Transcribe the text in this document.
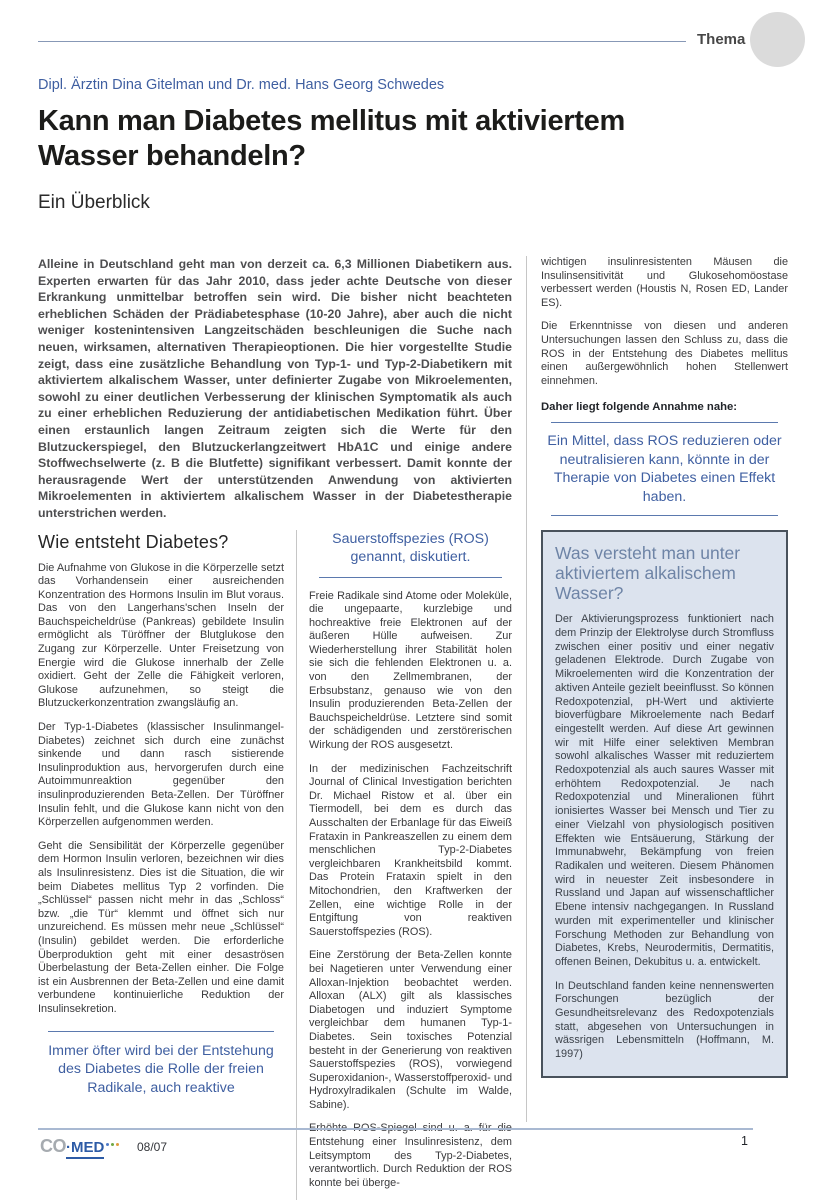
Thema
Dipl. Ärztin Dina Gitelman und Dr. med. Hans Georg Schwedes
Kann man Diabetes mellitus mit aktiviertem Wasser behandeln?
Ein Überblick

Alleine in Deutschland geht man von derzeit ca. 6,3 Millionen Diabetikern aus. Experten erwarten für das Jahr 2010, dass jeder achte Deutsche von dieser Erkrankung unmittelbar betroffen sein wird. Die bisher nicht beachteten erheblichen Schäden der Prädiabetesphase (10-20 Jahre), aber auch die nicht weniger kostenintensiven Langzeitschäden beschleunigen die Suche nach neuen, wirksamen, alternativen Therapieoptionen. Die hier vorgestellte Studie zeigt, dass eine zusätzliche Behandlung von Typ-1- und Typ-2-Diabetikern mit aktiviertem alkalischem Wasser, unter definierter Zugabe von Mikroelementen, sowohl zu einer deutlichen Verbesserung der klinischen Symptomatik als auch zu einer erheblichen Reduzierung der antidiabetischen Medikation führt. Über einen erstaunlich langen Zeitraum zeigten sich die Werte für den Blutzuckerspiegel, den Blutzuckerlangzeitwert HbA1C und einige andere Stoffwechselwerte (z. B die Blutfette) signifikant verbessert. Damit konnte der herausragende Wert der unterstützenden Anwendung von aktivierten Mikroelementen in aktiviertem alkalischem Wasser in der Diabetestherapie unterstrichen werden.

Wie entsteht Diabetes?

Die Aufnahme von Glukose in die Körperzelle setzt das Vorhandensein einer ausreichenden Konzentration des Hormons Insulin im Blut voraus. Das von den Langerhans'schen Inseln der Bauchspeicheldrüse (Pankreas) gebildete Insulin ermöglicht als Türöffner der Blutglukose den Zugang zur Körperzelle. Unter Freisetzung von Energie wird die Glukose innerhalb der Zelle oxidiert. Geht der Zelle die Fähigkeit verloren, Glukose aufzunehmen, so steigt die Blutzuckerkonzentration zwangsläufig an.

Der Typ-1-Diabetes (klassischer Insulinmangel-Diabetes) zeichnet sich durch eine zunächst sinkende und dann rasch sistierende Insulinproduktion aus, hervorgerufen durch eine Autoimmunreaktion gegenüber den insulinproduzierenden Beta-Zellen. Der Türöffner Insulin fehlt, und die Glukose kann nicht von den Körperzellen aufgenommen werden.

Geht die Sensibilität der Körperzelle gegenüber dem Hormon Insulin verloren, bezeichnen wir dies als Insulinresistenz. Dies ist die Situation, die wir beim Diabetes mellitus Typ 2 vorfinden. Die „Schlüssel“ passen nicht mehr in das „Schloss“ bzw. „die Tür“ klemmt und öffnet sich nur unzureichend. Es müssen mehr neue „Schlüssel“ (Insulin) gebildet werden. Die erforderliche Überproduktion geht mit einer desaströsen Überbelastung der Beta-Zellen einher. Die Folge ist ein Ausbrennen der Beta-Zellen und eine damit verbundene kontinuierliche Reduktion der Insulinsekretion.

Immer öfter wird bei der Entstehung des Diabetes die Rolle der freien Radikale, auch reaktive
Sauerstoffspezies (ROS) genannt, diskutiert.

Freie Radikale sind Atome oder Moleküle, die ungepaarte, kurzlebige und hochreaktive freie Elektronen auf der äußeren Hülle aufweisen. Zur Wiederherstellung ihrer Stabilität holen sie sich die fehlenden Elektronen u. a. von den Zellmembranen, der Erbsubstanz, genauso wie von den Insulin produzierenden Beta-Zellen der Bauchspeicheldrüse. Letztere sind somit der schädigenden und zerstörerischen Wirkung der ROS ausgesetzt.

In der medizinischen Fachzeitschrift Journal of Clinical Investigation berichten Dr. Michael Ristow et al. über ein Tiermodell, bei dem es durch das Ausschalten der Erbanlage für das Eiweiß Frataxin in Pankreaszellen zu einem dem menschlichen Typ-2-Diabetes vergleichbaren Krankheitsbild kommt. Das Protein Frataxin spielt in den Mitochondrien, den Kraftwerken der Zellen, eine wichtige Rolle in der Entgiftung von reaktiven Sauerstoffspezies (ROS).

Eine Zerstörung der Beta-Zellen konnte bei Nagetieren unter Verwendung einer Alloxan-Injektion beobachtet werden. Alloxan (ALX) gilt als klassisches Diabetogen und induziert Symptome vergleichbar dem humanen Typ-1-Diabetes. Sein toxisches Potenzial besteht in der Generierung von reaktiven Sauerstoffspezies (ROS), vorwiegend Superoxidanion-, Wasserstoffperoxid- und Hydroxylradikalen (Schulte im Walde, Sabine).

Entstehung einer Insulinresistenz, dem Leitsymptom des Typ-2-Diabetes, verantwortlich. Durch Reduktion der ROS konnte bei überge-

wichtigen insulinresistenten Mäusen die Insulinsensitivität und Glukosehomöostase verbessert werden (Houstis N, Rosen ED, Lander ES).

Die Erkenntnisse von diesen und anderen Untersuchungen lassen den Schluss zu, dass die ROS in der Entstehung des Diabetes mellitus einen außergewöhnlich hohen Stellenwert einnehmen.

Daher liegt folgende Annahme nahe:

Ein Mittel, dass ROS reduzieren oder neutralisieren kann, könnte in der Therapie von Diabetes einen Effekt haben.
Was versteht man unter aktiviertem alkalischem Wasser?

Der Aktivierungsprozess funktioniert nach dem Prinzip der Elektrolyse durch Stromfluss zwischen einer positiv und einer negativ geladenen Elektrode. Durch Zugabe von Mikroelementen wird die Konzentration der aktiven Anteile gezielt beeinflusst. So können Redoxpotenzial, pH-Wert und aktivierte bioverfügbare Mikroelemente nach Bedarf eingestellt werden. Auf diese Art gewinnen wir mit Hilfe einer selektiven Membran sowohl alkalisches Wasser mit reduziertem Redoxpotenzial als auch saures Wasser mit erhöhtem Redoxpotenzial. Je nach Redoxpotenzial und Mineralionen führt ionisiertes Wasser bei Mensch und Tier zu einer Vielzahl von physiologisch positiven Effekten wie Entsäuerung, Stärkung der Immunabwehr, Bekämpfung von freien Radikalen und weiteren. Diesem Phänomen wird in neuester Zeit insbesondere in Russland und Japan auf wissenschaftlicher Ebene intensiv nachgegangen. In Russland wurden mit experimenteller und klinischer Forschung Methoden zur Behandlung von Diabetes, Krebs, Neurodermitis, Dermatitis, offenen Beinen, Dekubitus u. a. entwickelt.

In Deutschland fanden keine nennenswerten Forschungen bezüglich der Gesundheitsrelevanz des Redoxpotenzials statt, abgesehen von Untersuchungen in wässrigen Lebensmitteln (Hoffmann, M. 1997)

CO·MED	08/07	1
